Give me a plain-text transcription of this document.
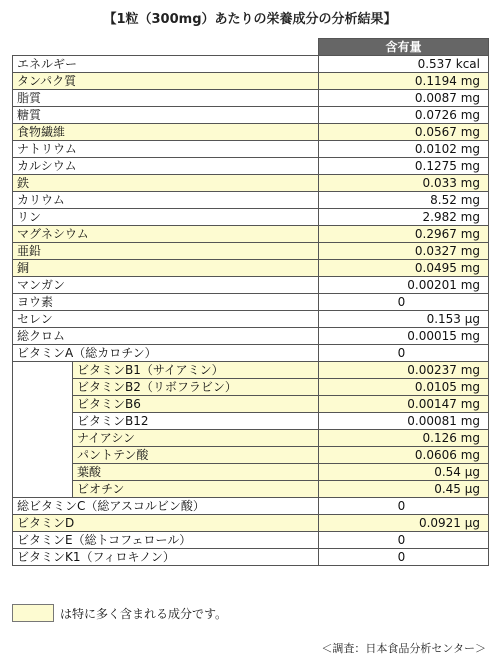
【1粒（300mg）あたりの栄養成分の分析結果】
		含有量
エネルギー		0.537 kcal
タンパク質		0.1194 mg
脂質		0.0087 mg
糖質		0.0726 mg
食物繊維		0.0567 mg
ナトリウム		0.0102 mg
カルシウム		0.1275 mg
鉄		0.033 mg
カリウム		8.52 mg
リン		2.982 mg
マグネシウム		0.2967 mg
亜鉛		0.0327 mg
銅		0.0495 mg
マンガン		0.00201 mg
ヨウ素		0
セレン		0.153 μg
総クロム		0.00015 mg
ビタミンA（総カロチン）		0
	ビタミンB1（サイアミン）	0.00237 mg
	ビタミンB2（リボフラビン）	0.0105 mg
	ビタミンB6	0.00147 mg
	ビタミンB12	0.00081 mg
	ナイアシン	0.126 mg
	パントテン酸	0.0606 mg
	葉酸	0.54 μg
	ビオチン	0.45 μg
総ビタミンC（総アスコルビン酸）		0
ビタミンD		0.0921 μg
ビタミンE（総トコフェロール）		0
ビタミンK1（フィロキノン）		0
は特に多く含まれる成分です。
＜調査：日本食品分析センター＞
